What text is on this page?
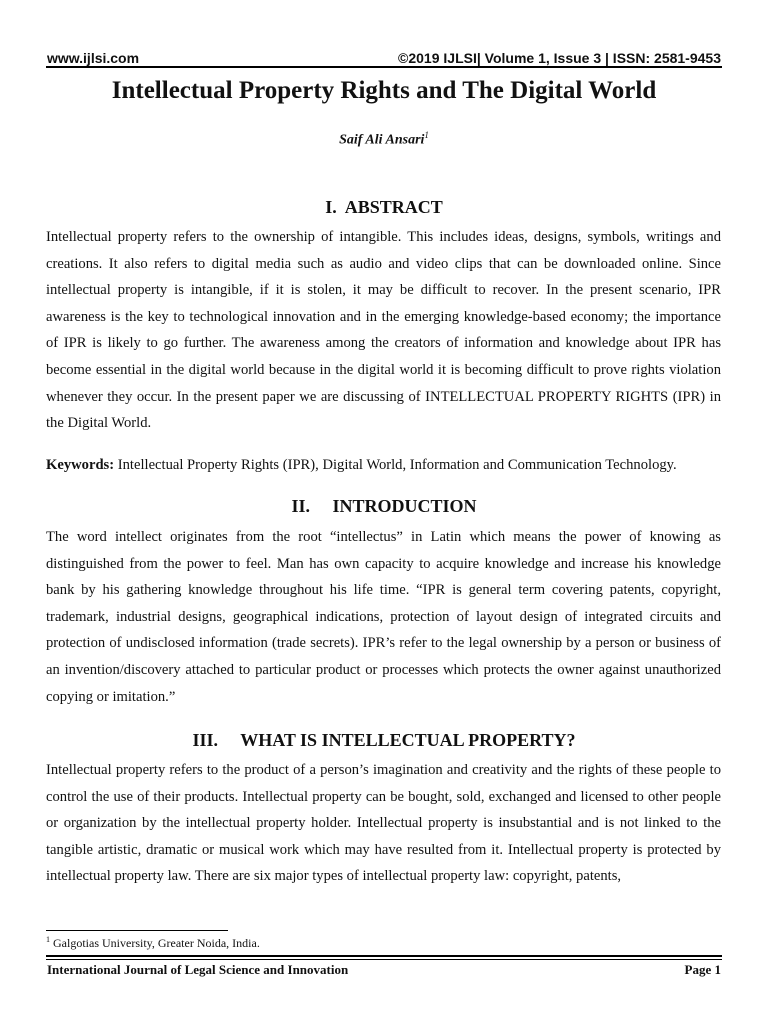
www.ijlsi.com	©2019 IJLSI| Volume 1, Issue 3 | ISSN: 2581-9453
Intellectual Property Rights and The Digital World
Saif Ali Ansari$^1$
I. ABSTRACT
Intellectual property refers to the ownership of intangible. This includes ideas, designs, symbols, writings and creations. It also refers to digital media such as audio and video clips that can be downloaded online. Since intellectual property is intangible, if it is stolen, it may be difficult to recover. In the present scenario, IPR awareness is the key to technological innovation and in the emerging knowledge-based economy; the importance of IPR is likely to go further. The awareness among the creators of information and knowledge about IPR has become essential in the digital world because in the digital world it is becoming difficult to prove rights violation whenever they occur. In the present paper we are discussing of INTELLECTUAL PROPERTY RIGHTS (IPR) in the Digital World.
Keywords: Intellectual Property Rights (IPR), Digital World, Information and Communication Technology.
II. INTRODUCTION
The word intellect originates from the root “intellectus” in Latin which means the power of knowing as distinguished from the power to feel. Man has own capacity to acquire knowledge and increase his knowledge bank by his gathering knowledge throughout his life time. “IPR is general term covering patents, copyright, trademark, industrial designs, geographical indications, protection of layout design of integrated circuits and protection of undisclosed information (trade secrets). IPR’s refer to the legal ownership by a person or business of an invention/discovery attached to particular product or processes which protects the owner against unauthorized copying or imitation.”
III. WHAT IS INTELLECTUAL PROPERTY?
Intellectual property refers to the product of a person’s imagination and creativity and the rights of these people to control the use of their products. Intellectual property can be bought, sold, exchanged and licensed to other people or organization by the intellectual property holder. Intellectual property is insubstantial and is not linked to the tangible artistic, dramatic or musical work which may have resulted from it. Intellectual property is protected by intellectual property law. There are six major types of intellectual property law: copyright, patents,
$^1$ Galgotias University, Greater Noida, India.
International Journal of Legal Science and Innovation	Page 1
